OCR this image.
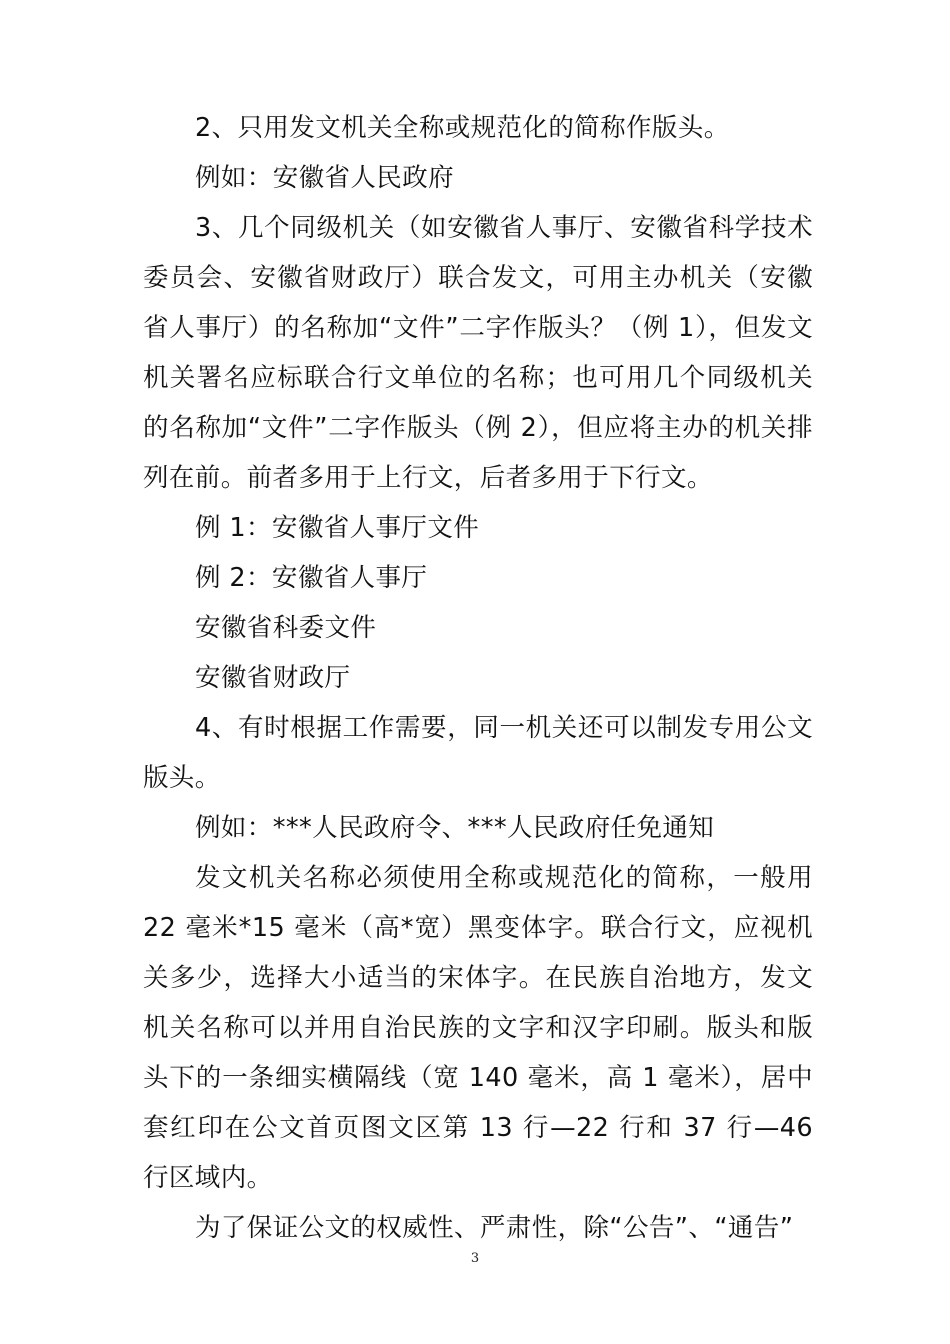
2、只用发文机关全称或规范化的简称作版头。

例如：安徽省人民政府

3、几个同级机关（如安徽省人事厅、安徽省科学技术委员会、安徽省财政厅）联合发文，可用主办机关（安徽省人事厅）的名称加“文件”二字作版头？（例 1），但发文机关署名应标联合行文单位的名称；也可用几个同级机关的名称加“文件”二字作版头（例 2），但应将主办的机关排列在前。前者多用于上行文，后者多用于下行文。

例 1：安徽省人事厅文件

例 2：安徽省人事厅

安徽省科委文件

安徽省财政厅

4、有时根据工作需要，同一机关还可以制发专用公文版头。

例如：***人民政府令、***人民政府任免通知

发文机关名称必须使用全称或规范化的简称，一般用 22 毫米*15 毫米（高*宽）黑变体字。联合行文，应视机关多少，选择大小适当的宋体字。在民族自治地方，发文机关名称可以并用自治民族的文字和汉字印刷。版头和版头下的一条细实横隔线（宽 140 毫米，高 1 毫米），居中套红印在公文首页图文区第 13 行—22 行和 37 行—46 行区域内。

为了保证公文的权威性、严肃性，除“公告”、“通告”

3
